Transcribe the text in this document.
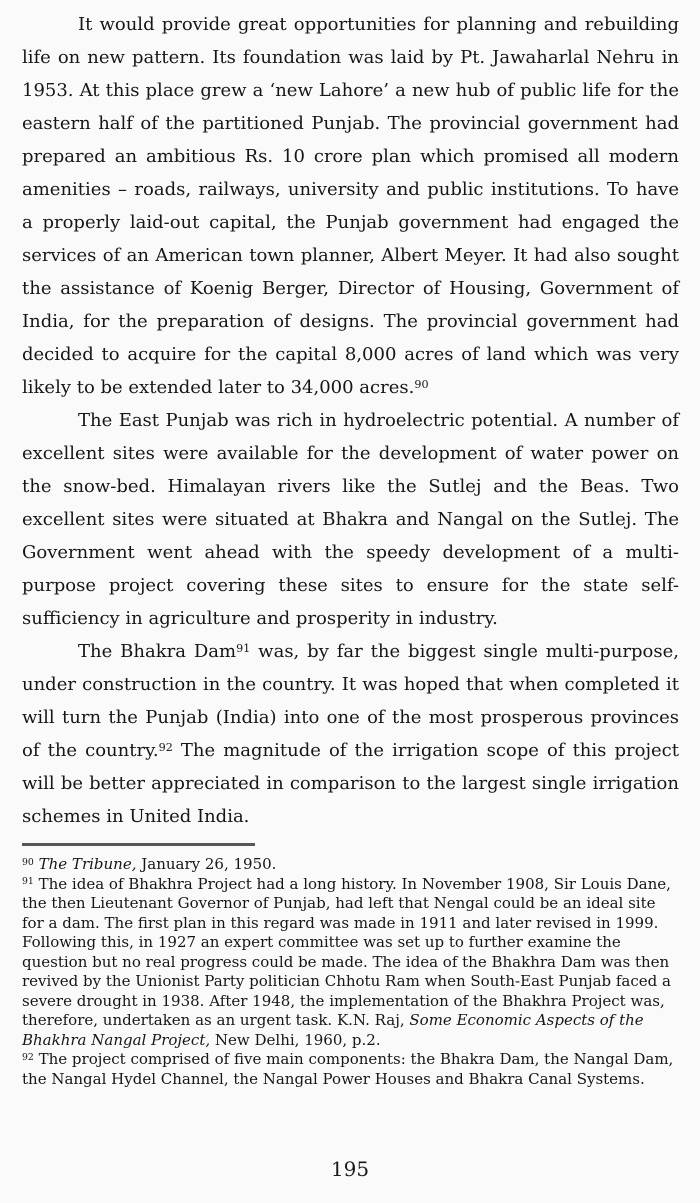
It would provide great opportunities for planning and rebuilding life on new pattern. Its foundation was laid by Pt. Jawaharlal Nehru in 1953. At this place grew a ‘new Lahore’ a new hub of public life for the eastern half of the partitioned Punjab. The provincial government had prepared an ambitious Rs. 10 crore plan which promised all modern amenities – roads, railways, university and public institutions. To have a properly laid-out capital, the Punjab government had engaged the services of an American town planner, Albert Meyer. It had also sought the assistance of Koenig Berger, Director of Housing, Government of India, for the preparation of designs. The provincial government had decided to acquire for the capital 8,000 acres of land which was very likely to be extended later to 34,000 acres.$^{90}$

The East Punjab was rich in hydroelectric potential. A number of excellent sites were available for the development of water power on the snow-bed. Himalayan rivers like the Sutlej and the Beas. Two excellent sites were situated at Bhakra and Nangal on the Sutlej. The Government went ahead with the speedy development of a multi-purpose project covering these sites to ensure for the state self-sufficiency in agriculture and prosperity in industry.

The Bhakra Dam$^{91}$ was, by far the biggest single multi-purpose, under construction in the country. It was hoped that when completed it will turn the Punjab (India) into one of the most prosperous provinces of the country.$^{92}$ The magnitude of the irrigation scope of this project will be better appreciated in comparison to the largest single irrigation schemes in United India.

$^{90}$ The Tribune, January 26, 1950.

$^{91}$ The idea of Bhakhra Project had a long history. In November 1908, Sir Louis Dane, the then Lieutenant Governor of Punjab, had left that Nengal could be an ideal site for a dam. The first plan in this regard was made in 1911 and later revised in 1999. Following this, in 1927 an expert committee was set up to further examine the question but no real progress could be made. The idea of the Bhakhra Dam was then revived by the Unionist Party politician Chhotu Ram when South-East Punjab faced a severe drought in 1938. After 1948, the implementation of the Bhakhra Project was, therefore, undertaken as an urgent task. K.N. Raj, Some Economic Aspects of the Bhakhra Nangal Project, New Delhi, 1960, p.2.

$^{92}$ The project comprised of five main components: the Bhakra Dam, the Nangal Dam, the Nangal Hydel Channel, the Nangal Power Houses and Bhakra Canal Systems.

195
